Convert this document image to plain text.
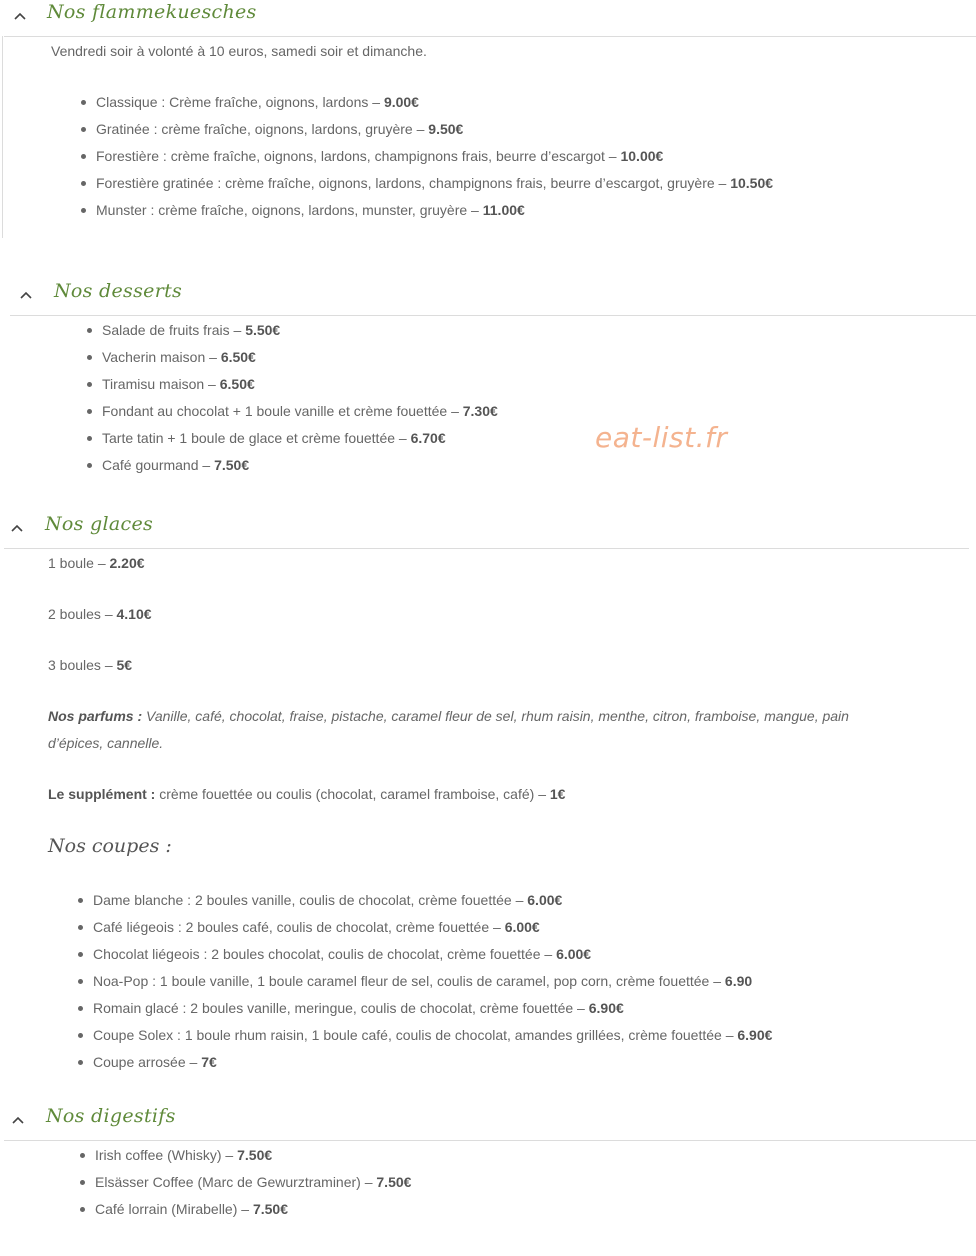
Nos flammekuesches
Vendredi soir à volonté à 10 euros, samedi soir et dimanche.
Classique : Crème fraîche, oignons, lardons – 9.00€
Gratinée : crème fraîche, oignons, lardons, gruyère – 9.50€
Forestière : crème fraîche, oignons, lardons, champignons frais, beurre d’escargot – 10.00€
Forestière gratinée : crème fraîche, oignons, lardons, champignons frais, beurre d’escargot, gruyère – 10.50€
Munster : crème fraîche, oignons, lardons, munster, gruyère – 11.00€
Nos desserts
Salade de fruits frais – 5.50€
Vacherin maison – 6.50€
Tiramisu maison – 6.50€
Fondant au chocolat + 1 boule vanille et crème fouettée – 7.30€
Tarte tatin + 1 boule de glace et crème fouettée – 6.70€
Café gourmand – 7.50€
eat-list.fr
Nos glaces
1 boule – 2.20€
2 boules – 4.10€
3 boules – 5€
Nos parfums : Vanille, café, chocolat, fraise, pistache, caramel fleur de sel, rhum raisin, menthe, citron, framboise, mangue, pain
d’épices, cannelle.
Le supplément : crème fouettée ou coulis (chocolat, caramel framboise, café) – 1€
Nos coupes :
Dame blanche : 2 boules vanille, coulis de chocolat, crème fouettée – 6.00€
Café liégeois : 2 boules café, coulis de chocolat, crème fouettée – 6.00€
Chocolat liégeois : 2 boules chocolat, coulis de chocolat, crème fouettée – 6.00€
Noa-Pop : 1 boule vanille, 1 boule caramel fleur de sel, coulis de caramel, pop corn, crème fouettée – 6.90
Romain glacé : 2 boules vanille, meringue, coulis de chocolat, crème fouettée – 6.90€
Coupe Solex : 1 boule rhum raisin, 1 boule café, coulis de chocolat, amandes grillées, crème fouettée – 6.90€
Coupe arrosée – 7€
Nos digestifs
Irish coffee (Whisky) – 7.50€
Elsässer Coffee (Marc de Gewurztraminer) – 7.50€
Café lorrain (Mirabelle) – 7.50€
